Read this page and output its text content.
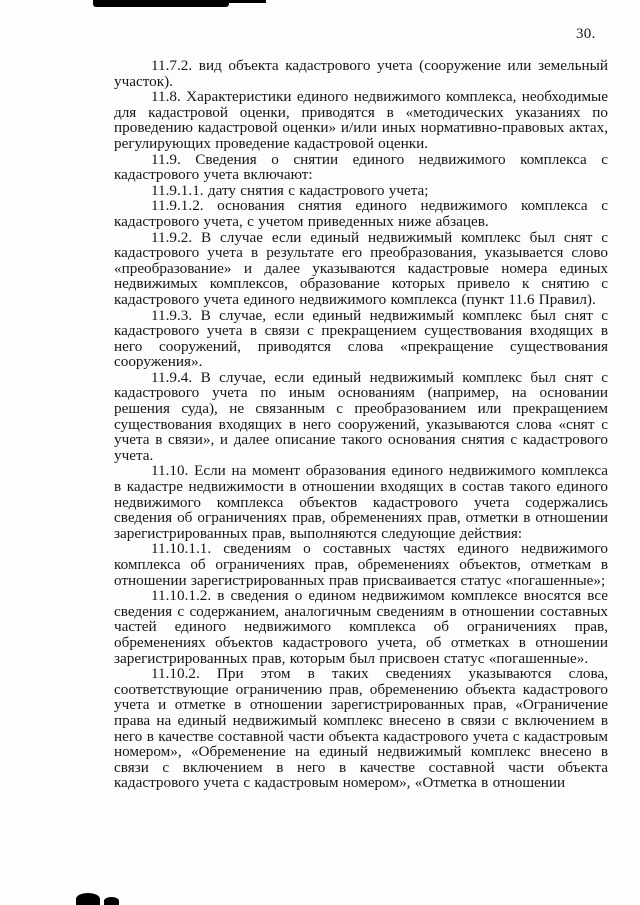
30.

11.7.2. вид объекта кадастрового учета (сооружение или земельный участок).

11.8. Характеристики единого недвижимого комплекса, необходимые для кадастровой оценки, приводятся в «методических указаниях по проведению кадастровой оценки» и/или иных нормативно-правовых актах, регулирующих проведение кадастровой оценки.

11.9. Сведения о снятии единого недвижимого комплекса с кадастрового учета включают:

11.9.1.1. дату снятия с кадастрового учета;

11.9.1.2. основания снятия единого недвижимого комплекса с кадастрового учета, с учетом приведенных ниже абзацев.

11.9.2. В случае если единый недвижимый комплекс был снят с кадастрового учета в результате его преобразования, указывается слово «преобразование» и далее указываются кадастровые номера единых недвижимых комплексов, образование которых привело к снятию с кадастрового учета единого недвижимого комплекса (пункт 11.6 Правил).

11.9.3. В случае, если единый недвижимый комплекс был снят с кадастрового учета в связи с прекращением существования входящих в него сооружений, приводятся слова «прекращение существования сооружения».

11.9.4. В случае, если единый недвижимый комплекс был снят с кадастрового учета по иным основаниям (например, на основании решения суда), не связанным с преобразованием или прекращением существования входящих в него сооружений, указываются слова «снят с учета в связи», и далее описание такого основания снятия с кадастрового учета.

11.10. Если на момент образования единого недвижимого комплекса в кадастре недвижимости в отношении входящих в состав такого единого недвижимого комплекса объектов кадастрового учета содержались сведения об ограничениях прав, обременениях прав, отметки в отношении зарегистрированных прав, выполняются следующие действия:

11.10.1.1. сведениям о составных частях единого недвижимого комплекса об ограничениях прав, обременениях объектов, отметкам в отношении зарегистрированных прав присваивается статус «погашенные»;

11.10.1.2. в сведения о едином недвижимом комплексе вносятся все сведения с содержанием, аналогичным сведениям в отношении составных частей единого недвижимого комплекса об ограничениях прав, обременениях объектов кадастрового учета, об отметках в отношении зарегистрированных прав, которым был присвоен статус «погашенные».

11.10.2. При этом в таких сведениях указываются слова, соответствующие ограничению прав, обременению объекта кадастрового учета и отметке в отношении зарегистрированных прав, «Ограничение права на единый недвижимый комплекс внесено в связи с включением в него в качестве составной части объекта кадастрового учета с кадастровым номером», «Обременение на единый недвижимый комплекс внесено в связи с включением в него в качестве составной части объекта кадастрового учета с кадастровым номером», «Отметка в отношении
